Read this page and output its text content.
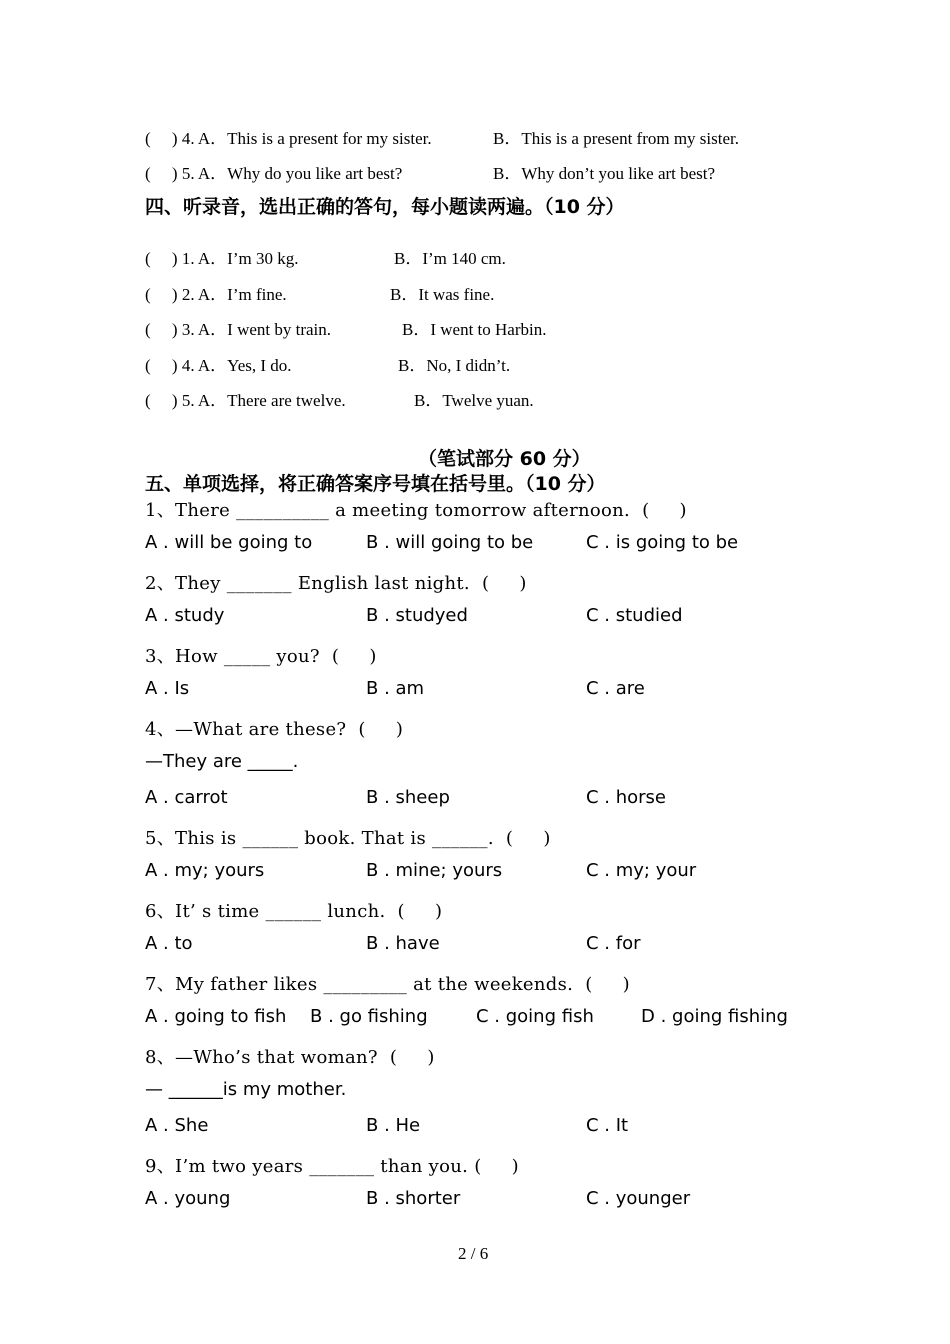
(     ) 4. A．This is a present for my sister.	B．This is a present from my sister.
(     ) 5. A．Why do you like art best?	B．Why don’t you like art best?
四、听录音，选出正确的答句，每小题读两遍。（10 分）
(     ) 1. A．I’m 30 kg.	B．I’m 140 cm.
(     ) 2. A．I’m fine.	B．It was fine.
(     ) 3. A．I went by train.	B．I went to Harbin.
(     ) 4. A．Yes, I do.	B．No, I didn’t.
(     ) 5. A．There are twelve.	B．Twelve yuan.
（笔试部分 60 分）
五、单项选择，将正确答案序号填在括号里。（10 分）
1、There __________ a meeting tomorrow afternoon.  (     )
A . will be going to	B . will going to be	C . is going to be
2、They _______ English last night.  (     )
A . study	B . studyed	C . studied
3、How _____ you?  (     )
A . Is	B . am	C . are
4、—What are these?  (     )
—They are _____.
A . carrot	B . sheep	C . horse
5、This is ______ book. That is ______.  (     )
A . my; yours	B . mine; yours	C . my; your
6、It’ s time ______ lunch.  (     )
A . to	B . have	C . for
7、My father likes _________ at the weekends.  (     )
A . going to fish B . go fishing	C . going fish	D . going fishing
8、—Who’s that woman?  (     )
— ______is my mother.
A . She	B . He	C . It
9、I’m two years _______ than you. (     )
A . young	B . shorter	C . younger
2 / 6
